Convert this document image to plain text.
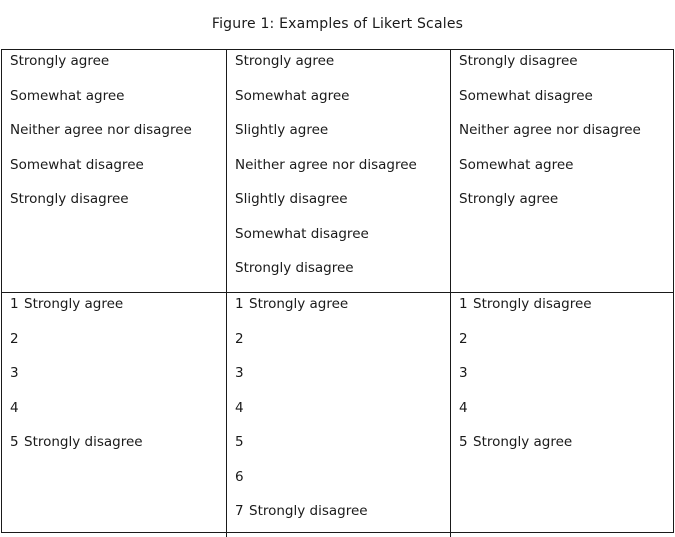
Figure 1: Examples of Likert Scales
Strongly agree
Somewhat agree
Neither agree nor disagree
Somewhat disagree
Strongly disagree
Strongly agree
Somewhat agree
Slightly agree
Neither agree nor disagree
Slightly disagree
Somewhat disagree
Strongly disagree
Strongly disagree
Somewhat disagree
Neither agree nor disagree
Somewhat agree
Strongly agree
1 Strongly agree
2
3
4
5 Strongly disagree
1 Strongly agree
2
3
4
5
6
7 Strongly disagree
1 Strongly disagree
2
3
4
5 Strongly agree
